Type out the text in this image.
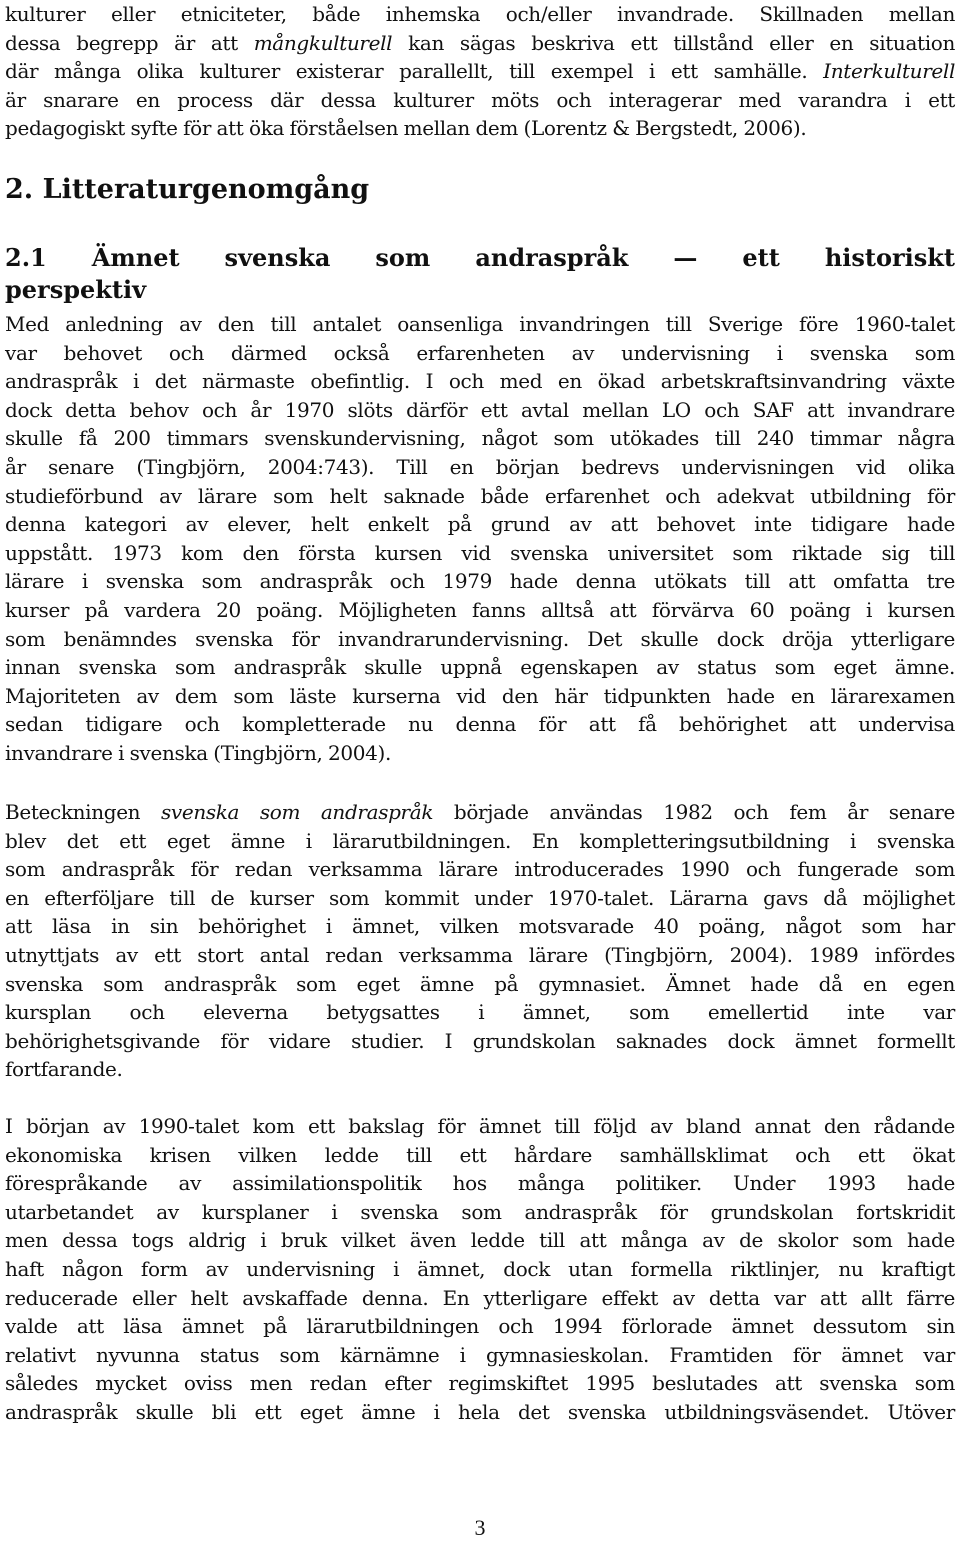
kulturer eller etniciteter, både inhemska och/eller invandrade. Skillnaden mellan
dessa begrepp är att mångkulturell kan sägas beskriva ett tillstånd eller en situation
där många olika kulturer existerar parallellt, till exempel i ett samhälle. Interkulturell
är snarare en process där dessa kulturer möts och interagerar med varandra i ett
pedagogiskt syfte för att öka förståelsen mellan dem (Lorentz & Bergstedt, 2006).
2. Litteraturgenomgång
2.1 Ämnet svenska som andraspråk — ett historiskt
perspektiv
Med anledning av den till antalet oansenliga invandringen till Sverige före 1960-talet
var behovet och därmed också erfarenheten av undervisning i svenska som
andraspråk i det närmaste obefintlig. I och med en ökad arbetskraftsinvandring växte
dock detta behov och år 1970 slöts därför ett avtal mellan LO och SAF att invandrare
skulle få 200 timmars svenskundervisning, något som utökades till 240 timmar några
år senare (Tingbjörn, 2004:743). Till en början bedrevs undervisningen vid olika
studieförbund av lärare som helt saknade både erfarenhet och adekvat utbildning för
denna kategori av elever, helt enkelt på grund av att behovet inte tidigare hade
uppstått. 1973 kom den första kursen vid svenska universitet som riktade sig till
lärare i svenska som andraspråk och 1979 hade denna utökats till att omfatta tre
kurser på vardera 20 poäng. Möjligheten fanns alltså att förvärva 60 poäng i kursen
som benämndes svenska för invandrarundervisning. Det skulle dock dröja ytterligare
innan svenska som andraspråk skulle uppnå egenskapen av status som eget ämne.
Majoriteten av dem som läste kurserna vid den här tidpunkten hade en lärarexamen
sedan tidigare och kompletterade nu denna för att få behörighet att undervisa
invandrare i svenska (Tingbjörn, 2004).
Beteckningen svenska som andraspråk började användas 1982 och fem år senare
blev det ett eget ämne i lärarutbildningen. En kompletteringsutbildning i svenska
som andraspråk för redan verksamma lärare introducerades 1990 och fungerade som
en efterföljare till de kurser som kommit under 1970-talet. Lärarna gavs då möjlighet
att läsa in sin behörighet i ämnet, vilken motsvarade 40 poäng, något som har
utnyttjats av ett stort antal redan verksamma lärare (Tingbjörn, 2004). 1989 infördes
svenska som andraspråk som eget ämne på gymnasiet. Ämnet hade då en egen
kursplan och eleverna betygsattes i ämnet, som emellertid inte var
behörighetsgivande för vidare studier. I grundskolan saknades dock ämnet formellt
fortfarande.
I början av 1990-talet kom ett bakslag för ämnet till följd av bland annat den rådande
ekonomiska krisen vilken ledde till ett hårdare samhällsklimat och ett ökat
förespråkande av assimilationspolitik hos många politiker. Under 1993 hade
utarbetandet av kursplaner i svenska som andraspråk för grundskolan fortskridit
men dessa togs aldrig i bruk vilket även ledde till att många av de skolor som hade
haft någon form av undervisning i ämnet, dock utan formella riktlinjer, nu kraftigt
reducerade eller helt avskaffade denna. En ytterligare effekt av detta var att allt färre
valde att läsa ämnet på lärarutbildningen och 1994 förlorade ämnet dessutom sin
relativt nyvunna status som kärnämne i gymnasieskolan. Framtiden för ämnet var
således mycket oviss men redan efter regimskiftet 1995 beslutades att svenska som
andraspråk skulle bli ett eget ämne i hela det svenska utbildningsväsendet. Utöver
3
